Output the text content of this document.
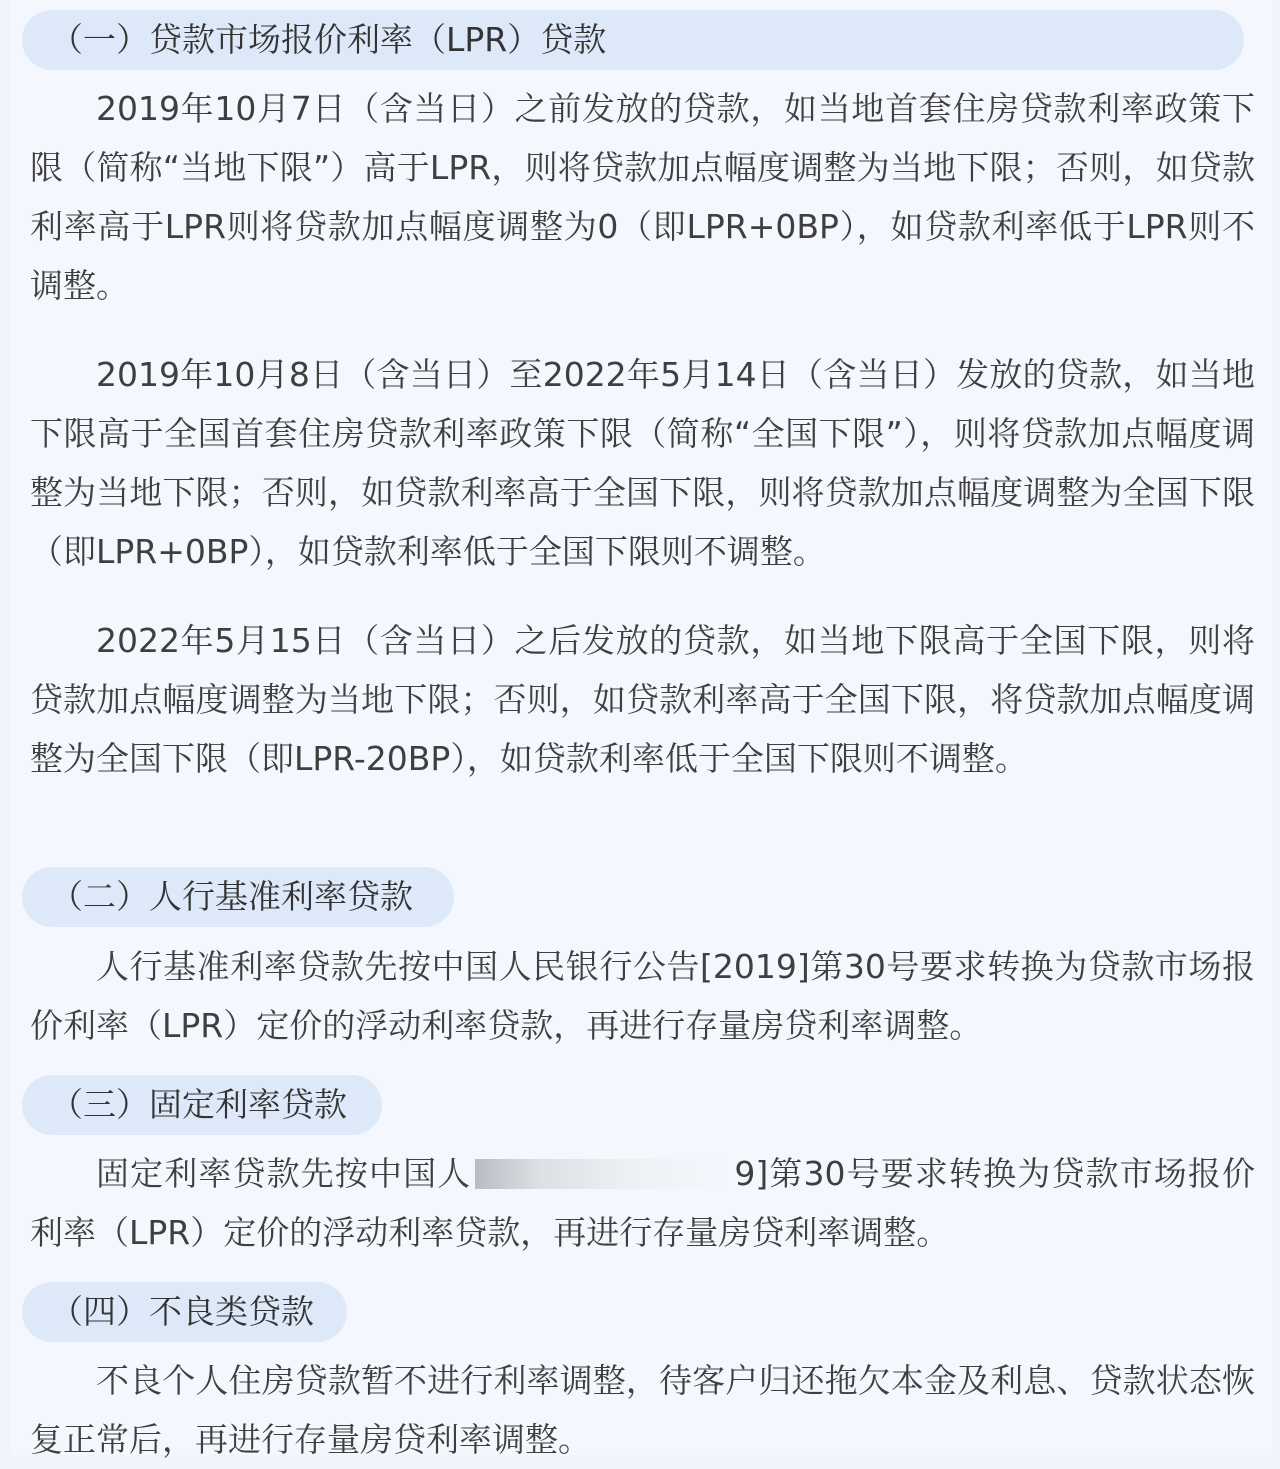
（一）贷款市场报价利率（LPR）贷款

2019年10月7日（含当日）之前发放的贷款，如当地首套住房贷款利率政策下限（简称“当地下限”）高于LPR，则将贷款加点幅度调整为当地下限；否则，如贷款利率高于LPR则将贷款加点幅度调整为0（即LPR+0BP），如贷款利率低于LPR则不调整。

2019年10月8日（含当日）至2022年5月14日（含当日）发放的贷款，如当地下限高于全国首套住房贷款利率政策下限（简称“全国下限”），则将贷款加点幅度调整为当地下限；否则，如贷款利率高于全国下限，则将贷款加点幅度调整为全国下限（即LPR+0BP），如贷款利率低于全国下限则不调整。

2022年5月15日（含当日）之后发放的贷款，如当地下限高于全国下限，则将贷款加点幅度调整为当地下限；否则，如贷款利率高于全国下限，将贷款加点幅度调整为全国下限（即LPR-20BP），如贷款利率低于全国下限则不调整。

（二）人行基准利率贷款

人行基准利率贷款先按中国人民银行公告[2019]第30号要求转换为贷款市场报价利率（LPR）定价的浮动利率贷款，再进行存量房贷利率调整。

（三）固定利率贷款

固定利率贷款先按中国人	9]第30号要求转换为贷款市场报价利率（LPR）定价的浮动利率贷款，再进行存量房贷利率调整。

（四）不良类贷款

不良个人住房贷款暂不进行利率调整，待客户归还拖欠本金及利息、贷款状态恢复正常后，再进行存量房贷利率调整。
